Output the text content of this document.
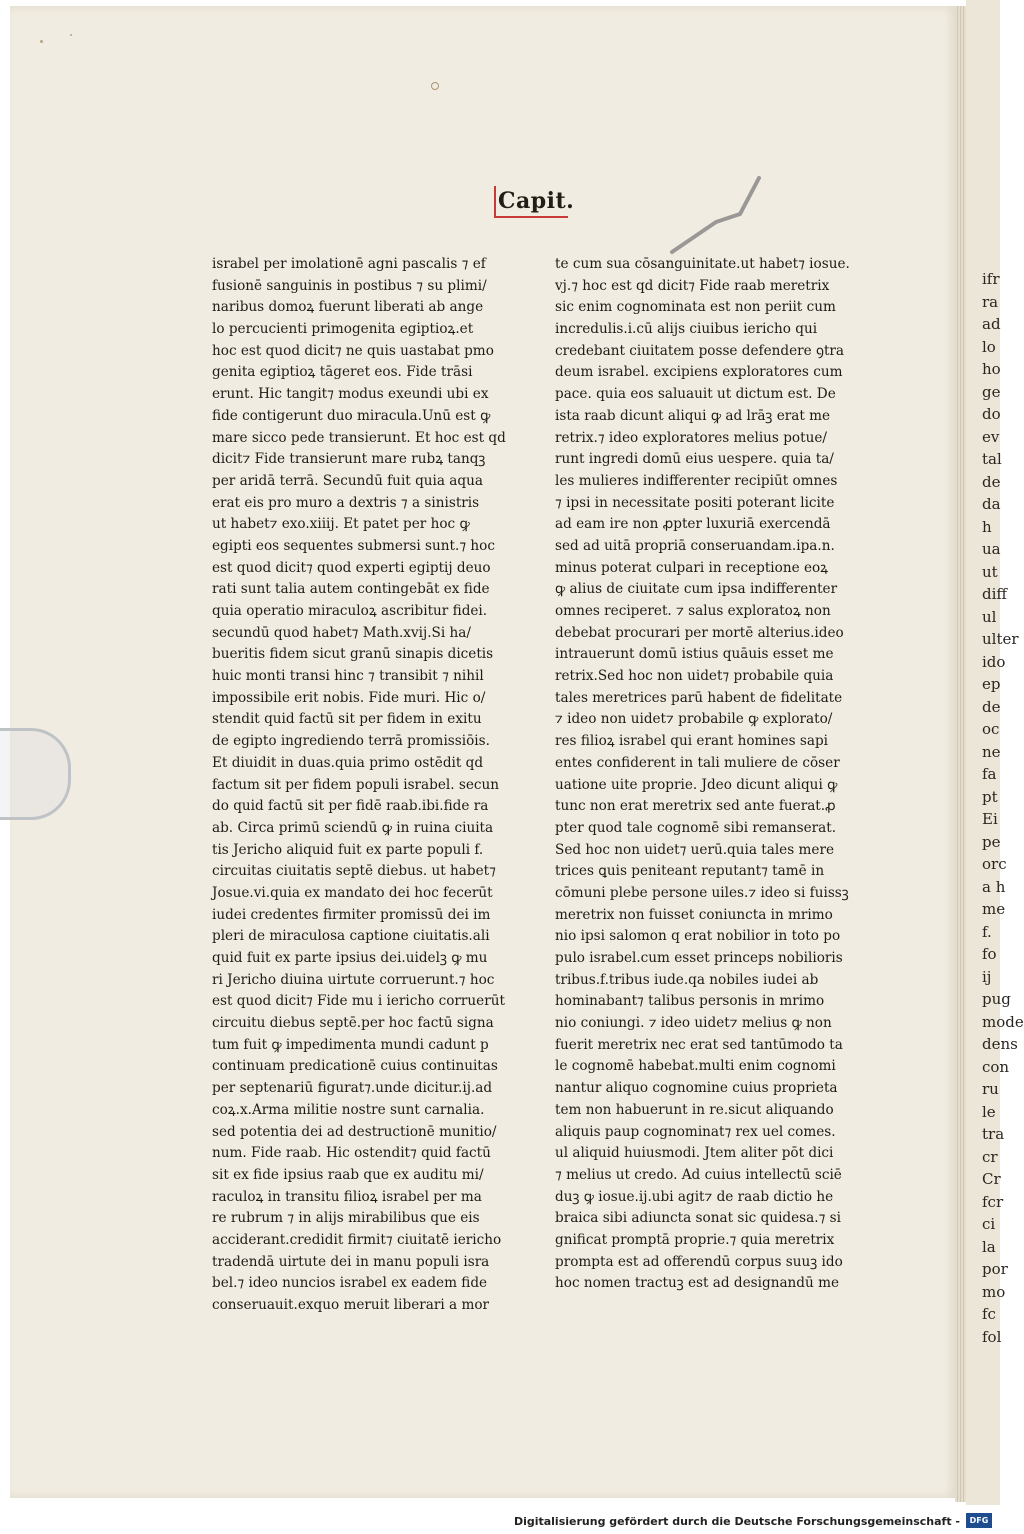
ifr
ra
ad
lo
ho
ge
do
ev
tal
de
da
h
ua
ut
diff
ul
ulter
ido
ep
de
oc
ne
fa
pt
Ei
pe
orc
a h
me
f.
fo
ij
pug
mode
dens
con
ru
le
tra
cr
Cr
fcr
ci
la
por
mo
fc
fol
Capit.
israbel per imolationē agni pascalis ⁊ ef
fusionē sanguinis in postibus ⁊ su plimi/
naribus domoꝝ fuerunt liberati ab ange
lo percucienti primogenita egiptioꝝ.et
hoc est quod dicit⁊ ne quis uastabat pmo
genita egiptioꝝ tāgeret eos. Fide trāsi
erunt. Hic tangit⁊ modus exeundi ubi ex
fide contigerunt duo miracula.Unū est ꝙ
mare sicco pede transierunt. Et hoc est qd
dicit⁊ Fide transierunt mare rubꝝ tanqꝫ
per aridā terrā. Secundū fuit quia aqua
erat eis pro muro a dextris ⁊ a sinistris
ut habet⁊ exo.xiiij. Et patet per hoc ꝙ
egipti eos sequentes submersi sunt.⁊ hoc
est quod dicit⁊ quod experti egiptij deuo
rati sunt talia autem contingebāt ex fide
quia operatio miraculoꝝ ascribitur fidei.
secundū quod habet⁊ Math.xvij.Si ha/
bueritis fidem sicut granū sinapis dicetis
huic monti transi hinc ⁊ transibit ⁊ nihil
impossibile erit nobis. Fide muri. Hic o/
stendit quid factū sit per fidem in exitu
de egipto ingrediendo terrā promissiōis.
Et diuidit in duas.quia primo ostēdit qd
factum sit per fidem populi israbel. secun
do quid factū sit per fidē raab.ibi.fide ra
ab. Circa primū sciendū ꝙ in ruina ciuita
tis Jericho aliquid fuit ex parte populi f.
circuitas ciuitatis septē diebus. ut habet⁊
Josue.vi.quia ex mandato dei hoc fecerūt
iudei credentes firmiter promissū dei im
pleri de miraculosa captione ciuitatis.ali
quid fuit ex parte ipsius dei.uidelꝫ ꝙ mu
ri Jericho diuina uirtute corruerunt.⁊ hoc
est quod dicit⁊ Fide mu i iericho corruerūt
circuitu diebus septē.per hoc factū signa
tum fuit ꝙ impedimenta mundi cadunt p
continuam predicationē cuius continuitas
per septenariū figurat⁊.unde dicitur.ij.ad
coꝝ.x.Arma militie nostre sunt carnalia.
sed potentia dei ad destructionē munitio/
num. Fide raab. Hic ostendit⁊ quid factū
sit ex fide ipsius raab que ex auditu mi/
raculoꝝ in transitu filioꝝ israbel per ma
re rubrum ⁊ in alijs mirabilibus que eis
acciderant.credidit firmit⁊ ciuitatē iericho
tradendā uirtute dei in manu populi isra
bel.⁊ ideo nuncios israbel ex eadem fide
conseruauit.exquo meruit liberari a mor
te cum sua cōsanguinitate.ut habet⁊ iosue.
vj.⁊ hoc est qd dicit⁊ Fide raab meretrix
sic enim cognominata est non periit cum
incredulis.i.cū alijs ciuibus iericho qui
credebant ciuitatem posse defendere ꝯtra
deum israbel. excipiens exploratores cum
pace. quia eos saluauit ut dictum est. De
ista raab dicunt aliqui ꝙ ad lrāꝫ erat me
retrix.⁊ ideo exploratores melius potue/
runt ingredi domū eius uespere. quia ta/
les mulieres indifferenter recipiūt omnes
⁊ ipsi in necessitate positi poterant licite
ad eam ire non ꝓpter luxuriā exercendā
sed ad uitā propriā conseruandam.ipa.n.
minus poterat culpari in receptione eoꝝ
ꝙ alius de ciuitate cum ipsa indifferenter
omnes reciperet. ⁊ salus exploratoꝝ non
debebat procurari per mortē alterius.ideo
intrauerunt domū istius quāuis esset me
retrix.Sed hoc non uidet⁊ probabile quia
tales meretrices parū habent de fidelitate
⁊ ideo non uidet⁊ probabile ꝙ explorato/
res filioꝝ israbel qui erant homines sapi
entes confiderent in tali muliere de cōser
uatione uite proprie. Jdeo dicunt aliqui ꝙ
tunc non erat meretrix sed ante fuerat.ꝓ
pter quod tale cognomē sibi remanserat.
Sed hoc non uidet⁊ uerū.quia tales mere
trices ꝗuis peniteant reputant⁊ tamē in
cōmuni plebe persone uiles.⁊ ideo si fuissꝫ
meretrix non fuisset coniuncta in mrimo
nio ipsi salomon q erat nobilior in toto po
pulo israbel.cum esset princeps nobilioris
tribus.f.tribus iude.qa nobiles iudei ab
hominabant⁊ talibus personis in mrimo
nio coniungi. ⁊ ideo uidet⁊ melius ꝙ non
fuerit meretrix nec erat sed tantūmodo ta
le cognomē habebat.multi enim cognomi
nantur aliquo cognomine cuius proprieta
tem non habuerunt in re.sicut aliquando
aliquis paup cognominat⁊ rex uel comes.
ul aliquid huiusmodi. Jtem aliter pōt dici
⁊ melius ut credo. Ad cuius intellectū sciē
duꝫ ꝙ iosue.ij.ubi agit⁊ de raab dictio he
braica sibi adiuncta sonat sic quidesa.⁊ si
gnificat promptā proprie.⁊ quia meretrix
prompta est ad offerendū corpus suuꝫ ido
hoc nomen tractuꝫ est ad designandū me
Digitalisierung gefördert durch die Deutsche Forschungsgemeinschaft -	DFG
